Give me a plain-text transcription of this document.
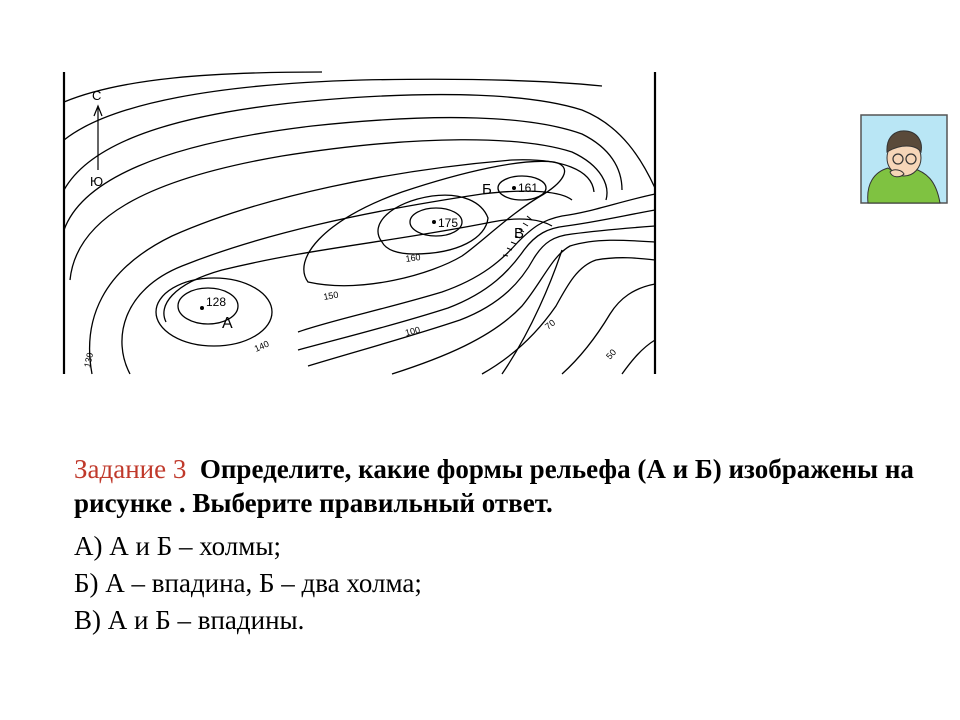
С
Ю	Б
В
А
175
161
128
160
150
140
130
100	70
50
Задание 3 Определите, какие формы рельефа (А и Б) изображены на рисунке . Выберите правильный ответ.
А) А и Б – холмы;
Б) А – впадина, Б – два холма;
В) А и Б – впадины.
